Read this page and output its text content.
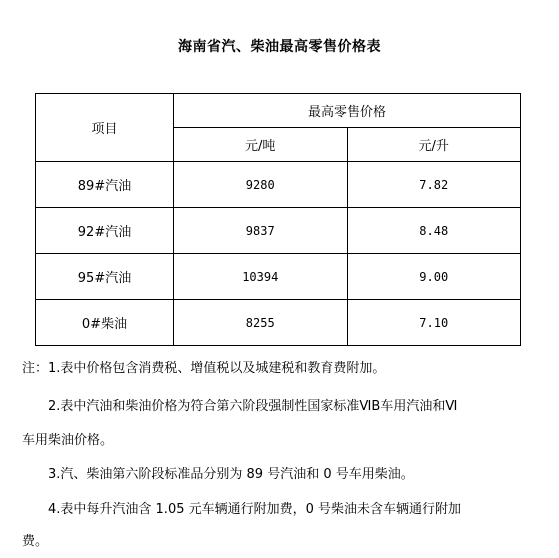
海南省汽、柴油最高零售价格表
项目	最高零售价格	
	元/吨	元/升
89#汽油	9280	7.82
92#汽油	9837	8.48
95#汽油	10394	9.00
0#柴油	8255	7.10
注：1.表中价格包含消费税、增值税以及城建税和教育费附加。
2.表中汽油和柴油价格为符合第六阶段强制性国家标准ⅥB车用汽油和Ⅵ
车用柴油价格。
3.汽、柴油第六阶段标准品分别为 89 号汽油和 0 号车用柴油。
4.表中每升汽油含 1.05 元车辆通行附加费，0 号柴油未含车辆通行附加
费。
